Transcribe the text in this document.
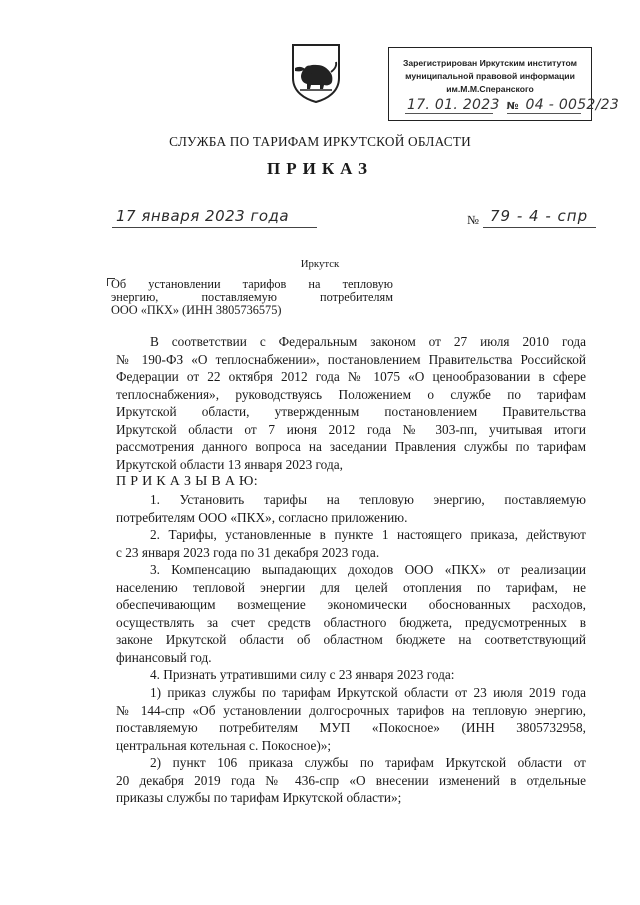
Зарегистрирован Иркутским институтом
муниципальной правовой информации
им.М.М.Сперанского
17. 01. 2023 № 04 - 0052/23
СЛУЖБА ПО ТАРИФАМ ИРКУТСКОЙ ОБЛАСТИ
ПРИКАЗ
17 января 2023 года	№ 79 - 4 - спр
Иркутск
Об установлении тарифов на тепловую
энергию, поставляемую потребителям
ООО «ПКХ» (ИНН 3805736575)
В соответствии с Федеральным законом от 27 июля 2010 года
№ 190-ФЗ «О теплоснабжении», постановлением Правительства Российской
Федерации от 22 октября 2012 года № 1075 «О ценообразовании в сфере
теплоснабжения», руководствуясь Положением о службе по тарифам
Иркутской области, утвержденным постановлением Правительства
Иркутской области от 7 июня 2012 года № 303-пп, учитывая итоги
рассмотрения данного вопроса на заседании Правления службы по тарифам
Иркутской области 13 января 2023 года,
П Р И К А З Ы В А Ю:
1. Установить тарифы на тепловую энергию, поставляемую
потребителям ООО «ПКХ», согласно приложению.
2. Тарифы, установленные в пункте 1 настоящего приказа, действуют
с 23 января 2023 года по 31 декабря 2023 года.
3. Компенсацию выпадающих доходов ООО «ПКХ» от реализации
населению тепловой энергии для целей отопления по тарифам, не
обеспечивающим возмещение экономически обоснованных расходов,
осуществлять за счет средств областного бюджета, предусмотренных в
законе Иркутской области об областном бюджете на соответствующий
финансовый год.
4. Признать утратившими силу с 23 января 2023 года:
1) приказ службы по тарифам Иркутской области от 23 июля 2019 года
№ 144-спр «Об установлении долгосрочных тарифов на тепловую энергию,
поставляемую потребителям МУП «Покосное» (ИНН 3805732958,
центральная котельная с. Покосное)»;
2) пункт 106 приказа службы по тарифам Иркутской области от
20 декабря 2019 года № 436-спр «О внесении изменений в отдельные
приказы службы по тарифам Иркутской области»;
